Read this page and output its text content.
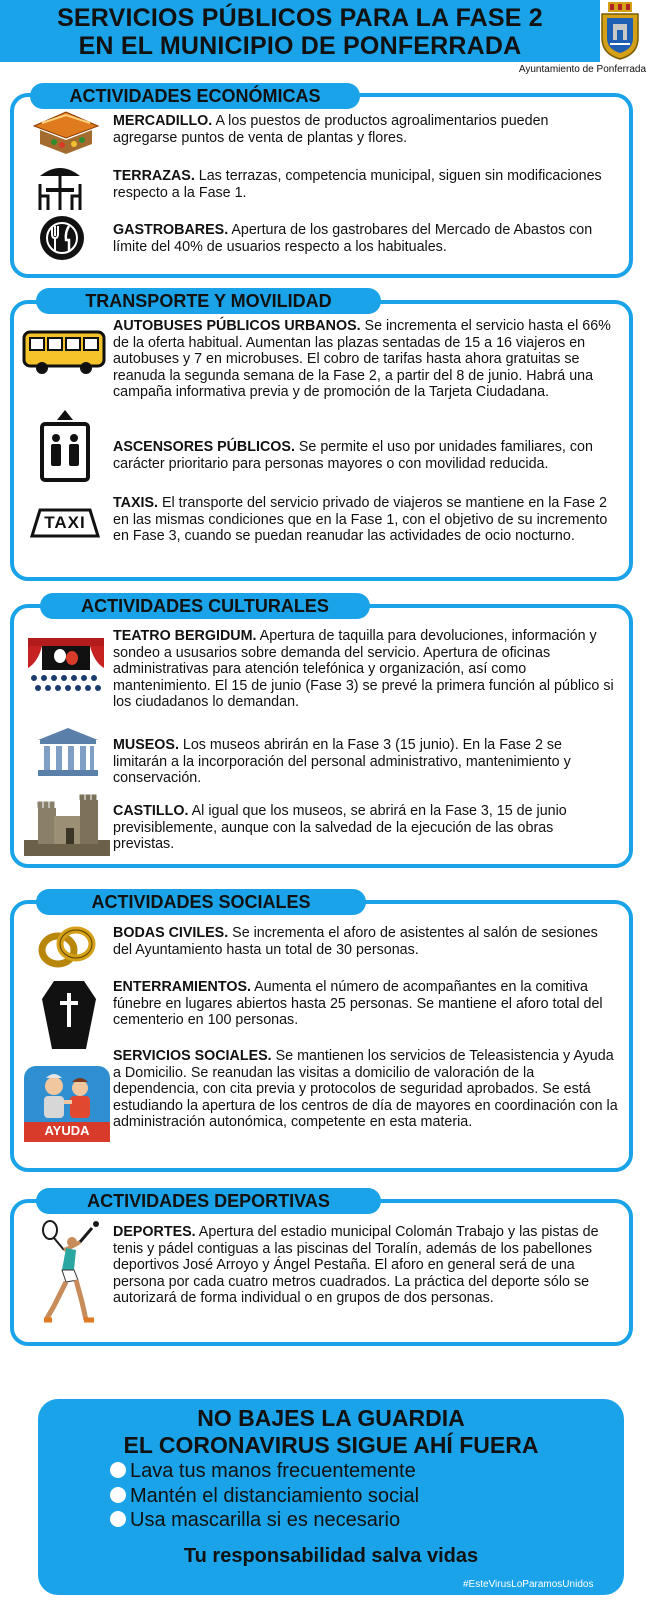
SERVICIOS PÚBLICOS PARA LA FASE 2
EN EL MUNICIPIO DE PONFERRADA
Ayuntamiento de Ponferrada
ACTIVIDADES ECONÓMICAS
MERCADILLO. A los puestos de productos agroalimentarios pueden agregarse puntos de venta de plantas y flores.
TERRAZAS. Las terrazas, competencia municipal, siguen sin modificaciones respecto a la Fase 1.
GASTROBARES. Apertura de los gastrobares del Mercado de Abastos con límite del 40% de usuarios respecto a los habituales.
TRANSPORTE Y MOVILIDAD
AUTOBUSES PÚBLICOS URBANOS. Se incrementa el servicio hasta el 66% de la oferta habitual. Aumentan las plazas sentadas de 15 a 16 viajeros en autobuses y 7 en microbuses. El cobro de tarifas hasta ahora gratuitas se reanuda la segunda semana de la Fase 2, a partir del 8 de junio. Habrá una campaña informativa previa y de promoción de la Tarjeta Ciudadana.
ASCENSORES PÚBLICOS. Se permite el uso por unidades familiares, con carácter prioritario para personas mayores o con movilidad reducida.
TAXI
TAXIS. El transporte del servicio privado de viajeros se mantiene en la Fase 2 en las mismas condiciones que en la Fase 1, con el objetivo de su incremento en Fase 3, cuando se puedan reanudar las actividades de ocio nocturno.
ACTIVIDADES CULTURALES
TEATRO BERGIDUM. Apertura de taquilla para devoluciones, información y sondeo a ususarios sobre demanda del servicio. Apertura de oficinas administrativas para atención telefónica y organización, así como mantenimiento. El 15 de junio (Fase 3) se prevé la primera función al público si los ciudadanos lo demandan.
MUSEOS. Los museos abrirán en la Fase 3 (15 junio). En la Fase 2 se limitarán a la incorporación del personal administrativo, mantenimiento y conservación.
CASTILLO. Al igual que los museos, se abrirá en la Fase 3, 15 de junio previsiblemente, aunque con la salvedad de la ejecución de las obras previstas.
ACTIVIDADES SOCIALES
BODAS CIVILES. Se incrementa el aforo de asistentes al salón de sesiones del Ayuntamiento hasta un total de 30 personas.
ENTERRAMIENTOS. Aumenta el número de acompañantes en la comitiva fúnebre en lugares abiertos hasta 25 personas. Se mantiene el aforo total del cementerio en 100 personas.
AYUDA
SERVICIOS SOCIALES. Se mantienen los servicios de Teleasistencia y Ayuda a Domicilio. Se reanudan las visitas a domicilio de valoración de la dependencia, con cita previa y protocolos de seguridad aprobados. Se está estudiando la apertura de los centros de día de mayores en coordinación con la administración autonómica, competente en esta materia.
ACTIVIDADES DEPORTIVAS
DEPORTES. Apertura del estadio municipal Colomán Trabajo y las pistas de tenis y pádel contiguas a las piscinas del Toralín, además de los pabellones deportivos José Arroyo y Ángel Pestaña. El aforo en general será de una persona por cada cuatro metros cuadrados. La práctica del deporte sólo se autorizará de forma individual o en grupos de dos personas.
NO BAJES LA GUARDIA
EL CORONAVIRUS SIGUE AHÍ FUERA
Lava tus manos frecuentemente
Mantén el distanciamiento social
Usa mascarilla si es necesario
Tu responsabilidad salva vidas
#EsteVirusLoParamosUnidos
